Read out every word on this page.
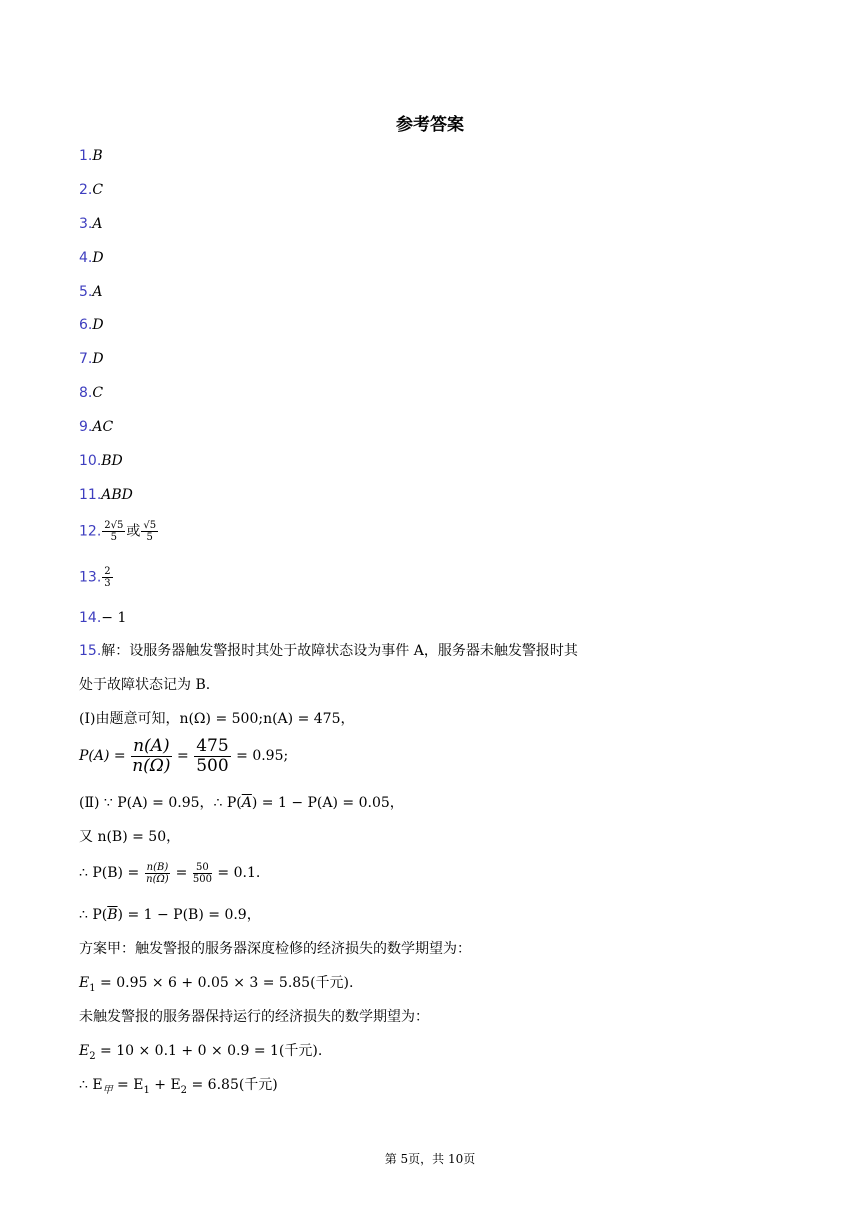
参考答案
1.B
2.C
3.A
4.D
5.A
6.D
7.D
8.C
9.AC
10.BD
11.ABD
12. $\frac{2√5}{5}$ 或 $\frac{√5}{5}$
13. $\frac{2}{3}$
14.− 1
15.解：设服务器触发警报时其处于故障状态设为事件 A，服务器未触发警报时其
处于故障状态记为 B.
(Ⅰ)由题意可知，n(Ω) = 500;n(A) = 475，
$P(A) = \frac{n(A)}{n(\Omega)} = \frac{475}{500} = 0.95$;
(Ⅱ) ∵ P(A) = 0.95，∴ $P(\overline{A}) = 1 - P(A) = 0.05$，
又 n(B) = 50，
∴ $P(B) = \frac{n(B)}{n(\Omega)} = \frac{50}{500} = 0.1$.
∴ $P(\overline{B}) = 1 - P(B) = 0.9$，
方案甲：触发警报的服务器深度检修的经济损失的数学期望为：
$E_1 = 0.95 \times 6 + 0.05 \times 3 = 5.85$(千元).
未触发警报的服务器保持运行的经济损失的数学期望为：
$E_2 = 10 \times 0.1 + 0 \times 0.9 = 1$(千元).
∴ $E_甲 = E_1 + E_2 = 6.85$(千元)
第 5页，共 10页
